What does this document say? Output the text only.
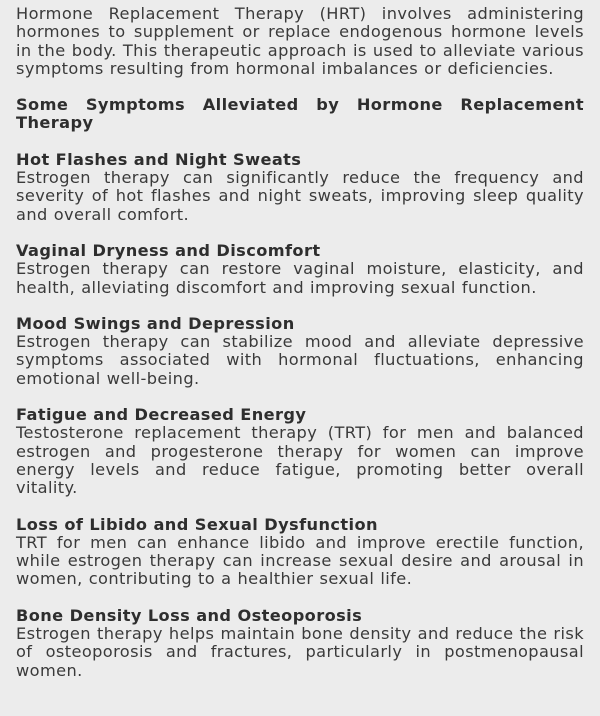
Hormone Replacement Therapy (HRT) involves administering hormones to supplement or replace endogenous hormone levels in the body. This therapeutic approach is used to alleviate various symptoms resulting from hormonal imbalances or deficiencies.

Some Symptoms Alleviated by Hormone Replacement Therapy
Hot Flashes and Night Sweats

Estrogen therapy can significantly reduce the frequency and severity of hot flashes and night sweats, improving sleep quality and overall comfort.

Vaginal Dryness and Discomfort

Estrogen therapy can restore vaginal moisture, elasticity, and health, alleviating discomfort and improving sexual function.

Mood Swings and Depression

Estrogen therapy can stabilize mood and alleviate depressive symptoms associated with hormonal fluctuations, enhancing emotional well-being.

Fatigue and Decreased Energy

Testosterone replacement therapy (TRT) for men and balanced estrogen and progesterone therapy for women can improve energy levels and reduce fatigue, promoting better overall vitality.

Loss of Libido and Sexual Dysfunction

TRT for men can enhance libido and improve erectile function, while estrogen therapy can increase sexual desire and arousal in women, contributing to a healthier sexual life.

Bone Density Loss and Osteoporosis

Estrogen therapy helps maintain bone density and reduce the risk of osteoporosis and fractures, particularly in postmenopausal women.
